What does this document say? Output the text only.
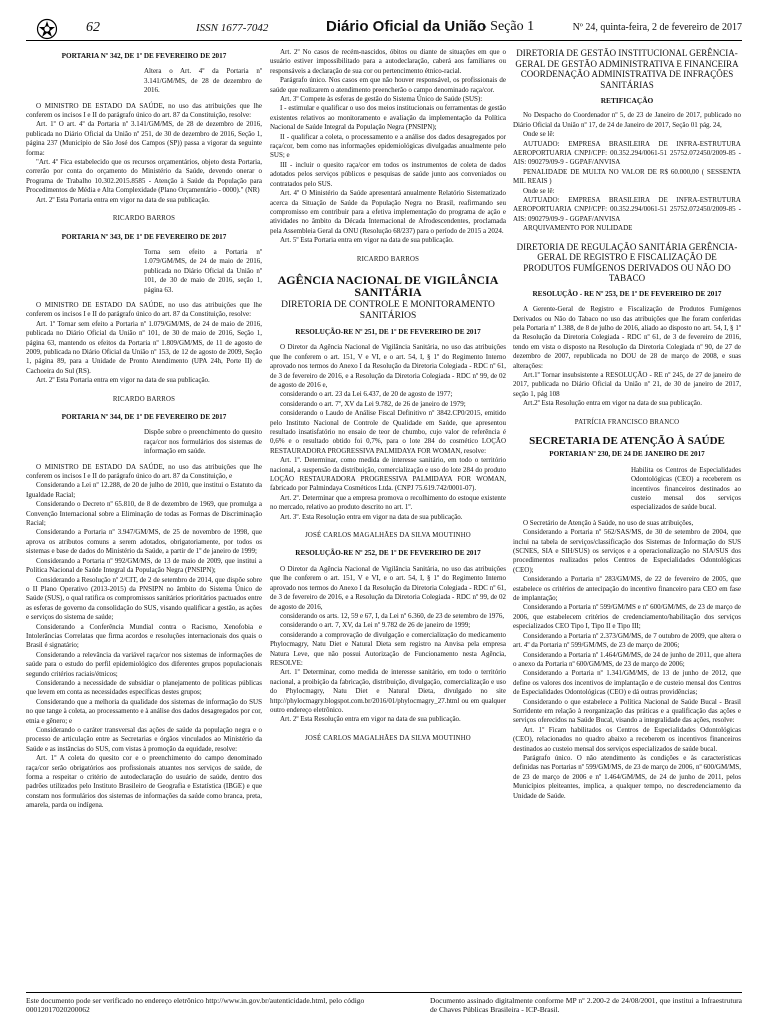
62	ISSN 1677-7042	Diário Oficial da União
- Seção 1	Nº 24, quinta-feira, 2 de fevereiro de 2017

PORTARIA Nº 342, DE 1º DE FEVEREIRO DE 2017

Altera o Art. 4º da Portaria nº 3.141/GM/MS, de 28 de dezembro de 2016.

O MINISTRO DE ESTADO DA SAÚDE, no uso das atribuições que lhe conferem os incisos I e II do parágrafo único do art. 87 da Constituição, resolve:

Art. 1º O art. 4º da Portaria nº 3.141/GM/MS, de 28 de dezembro de 2016, publicada no Diário Oficial da União nº 251, de 30 de dezembro de 2016, Seção 1, página 237 (Município de São José dos Campos (SP)) passa a vigorar da seguinte forma:

"Art. 4º Fica estabelecido que os recursos orçamentários, objeto desta Portaria, correrão por conta do orçamento do Ministério da Saúde, devendo onerar o Programa de Trabalho 10.302.2015.8585 - Atenção à Saúde da População para Procedimentos de Média e Alta Complexidade (Plano Orçamentário - 0000)." (NR)

Art. 2º Esta Portaria entra em vigor na data de sua publicação.

RICARDO BARROS

PORTARIA Nº 343, DE 1º DE FEVEREIRO DE 2017

Torna sem efeito a Portaria nº 1.079/GM/MS, de 24 de maio de 2016, publicada no Diário Oficial da União nº 101, de 30 de maio de 2016, seção 1, página 63.

O MINISTRO DE ESTADO DA SAÚDE, no uso das atribuições que lhe conferem os incisos I e II do parágrafo único do art. 87 da Constituição, resolve:

Art. 1º Tornar sem efeito a Portaria nº 1.079/GM/MS, de 24 de maio de 2016, publicada no Diário Oficial da União nº 101, de 30 de maio de 2016, Seção 1, página 63, mantendo os efeitos da Portaria nº 1.809/GM/MS, de 11 de agosto de 2009, publicada no Diário Oficial da União nº 153, de 12 de agosto de 2009, Seção 1, página 89, para a Unidade de Pronto Atendimento (UPA 24h, Porte II) de Cachoeira do Sul (RS).

Art. 2º Esta Portaria entra em vigor na data de sua publicação.

RICARDO BARROS

PORTARIA Nº 344, DE 1º DE FEVEREIRO DE 2017

Dispõe sobre o preenchimento do quesito raça/cor nos formulários dos sistemas de informação em saúde.

O MINISTRO DE ESTADO DA SAÚDE, no uso das atribuições que lhe conferem os incisos I e II do parágrafo único do art. 87 da Constituição, e

Considerando a Lei nº 12.288, de 20 de julho de 2010, que institui o Estatuto da Igualdade Racial;

Considerando o Decreto nº 65.810, de 8 de dezembro de 1969, que promulga a Convenção Internacional sobre a Eliminação de todas as Formas de Discriminação Racial;

Considerando a Portaria nº 3.947/GM/MS, de 25 de novembro de 1998, que aprova os atributos comuns a serem adotados, obrigatoriamente, por todos os sistemas e base de dados do Ministério da Saúde, a partir de 1º de janeiro de 1999;

Considerando a Portaria nº 992/GM/MS, de 13 de maio de 2009, que institui a Política Nacional de Saúde Integral da População Negra (PNSIPN);

Considerando a Resolução nº 2/CIT, de 2 de setembro de 2014, que dispõe sobre o II Plano Operativo (2013-2015) da PNSIPN no âmbito do Sistema Único de Saúde (SUS), o qual ratifica os compromissos sanitários prioritários pactuados entre as esferas de governo da consolidação do SUS, visando qualificar a gestão, as ações e serviços do sistema de saúde;

Considerando a Conferência Mundial contra o Racismo, Xenofobia e Intolerâncias Correlatas que firma acordos e resoluções internacionais dos quais o Brasil é signatário;

Considerando a relevância da variável raça/cor nos sistemas de informações de saúde para o estudo do perfil epidemiológico dos diferentes grupos populacionais segundo critérios raciais/étnicos;

Considerando a necessidade de subsidiar o planejamento de políticas públicas que levem em conta as necessidades específicas destes grupos;

Considerando que a melhoria da qualidade dos sistemas de informação do SUS no que tange à coleta, ao processamento e à análise dos dados desagregados por cor, etnia e gênero; e

Considerando o caráter transversal das ações de saúde da população negra e o processo de articulação entre as Secretarias e órgãos vinculados ao Ministério da Saúde e as instâncias do SUS, com vistas à promoção da equidade, resolve:

Art. 1º A coleta do quesito cor e o preenchimento do campo denominado raça/cor serão obrigatórios aos profissionais atuantes nos serviços de saúde, de forma a respeitar o critério de autodeclaração do usuário de saúde, dentro dos padrões utilizados pelo Instituto Brasileiro de Geografia e Estatística (IBGE) e que constam nos formulários dos sistemas de informações da saúde como branca, preta, amarela, parda ou indígena.

Art. 2º No casos de recém-nascidos, óbitos ou diante de situações em que o usuário estiver impossibilitado para a autodeclaração, caberá aos familiares ou responsáveis a declaração de sua cor ou pertencimento étnico-racial.

Parágrafo único. Nos casos em que não houver responsável, os profissionais de saúde que realizarem o atendimento preencherão o campo denominado raça/cor.

Art. 3º Compete às esferas de gestão do Sistema Único de Saúde (SUS):

I - estimular e qualificar o uso dos meios institucionais ou ferramentas de gestão existentes relativos ao monitoramento e avaliação da implementação da Política Nacional de Saúde Integral da População Negra (PNSIPN);

II - qualificar a coleta, o processamento e a análise dos dados desagregados por raça/cor, bem como nas informações epidemiológicas divulgadas anualmente pelo SUS; e

III - incluir o quesito raça/cor em todos os instrumentos de coleta de dados adotados pelos serviços públicos e pesquisas de saúde junto aos conveniados ou contratados pelo SUS.

Art. 4º O Ministério da Saúde apresentará anualmente Relatório Sistematizado acerca da Situação de Saúde da População Negra no Brasil, reafirmando seu compromisso em contribuir para a efetiva implementação do programa de ação e atividades no âmbito da Década Internacional de Afrodescendentes, proclamada pela Assembleia Geral da ONU (Resolução 68/237) para o período de 2015 a 2024.

Art. 5º Esta Portaria entra em vigor na data de sua publicação.

RICARDO BARROS

AGÊNCIA NACIONAL DE VIGILÂNCIA SANITÁRIA
DIRETORIA DE CONTROLE E MONITORAMENTO SANITÁRIOS

RESOLUÇÃO-RE Nº 251, DE 1º DE FEVEREIRO DE 2017

O Diretor da Agência Nacional de Vigilância Sanitária, no uso das atribuições que lhe conferem o art. 151, V e VI, e o art. 54, I, § 1º do Regimento Interno aprovado nos termos do Anexo I da Resolução da Diretoria Colegiada - RDC nº 61, de 3 de fevereiro de 2016, e a Resolução da Diretoria Colegiada - RDC nº 99, de 02 de agosto de 2016 e,

considerando o art. 23 da Lei 6.437, de 20 de agosto de 1977;

considerando o art. 7º, XV da Lei 9.782, de 26 de janeiro de 1979;

considerando o Laudo de Análise Fiscal Definitivo nº 3842.CP0/2015, emitido pelo Instituto Nacional de Controle de Qualidade em Saúde, que apresentou resultado insatisfatório no ensaio de teor de chumbo, cujo valor de referência é 0,6% e o resultado obtido foi 0,7%, para o lote 284 do cosmético LOÇÃO RESTAURADORA PROGRESSIVA PALMIDAYA FOR WOMAN, resolve:

Art. 1º. Determinar, como medida de interesse sanitário, em todo o território nacional, a suspensão da distribuição, comercialização e uso do lote 284 do produto LOÇÃO RESTAURADORA PROGRESSIVA PALMIDAYA FOR WOMAN, fabricado por Palmindaya Cosméticos Ltda. (CNPJ 75.619.742/0001-07).

Art. 2º. Determinar que a empresa promova o recolhimento do estoque existente no mercado, relativo ao produto descrito no art. 1º.

Art. 3º. Esta Resolução entra em vigor na data de sua publicação.

JOSÉ CARLOS MAGALHÃES DA SILVA MOUTINHO

RESOLUÇÃO-RE Nº 252, DE 1º DE FEVEREIRO DE 2017

O Diretor da Agência Nacional de Vigilância Sanitária, no uso das atribuições que lhe conferem o art. 151, V e VI, e o art. 54, I, § 1º do Regimento Interno aprovado nos termos do Anexo I da Resolução da Diretoria Colegiada - RDC nº 61, de 3 de fevereiro de 2016, e a Resolução da Diretoria Colegiada - RDC nº 99, de 02 de agosto de 2016,

considerando os arts. 12, 59 e 67, I, da Lei nº 6.360, de 23 de setembro de 1976,

considerando o art. 7, XV, da Lei nº 9.782 de 26 de janeiro de 1999;

considerando a comprovação de divulgação e comercialização do medicamento Phylocmagry, Natu Diet e Natural Dieta sem registro na Anvisa pela empresa Natura Leve, que não possui Autorização de Funcionamento nesta Agência, RESOLVE:

Art. 1º Determinar, como medida de interesse sanitário, em todo o território nacional, a proibição da fabricação, distribuição, divulgação, comercialização e uso do Phylocmagry, Natu Diet e Natural Dieta, divulgado no site http://phylocmagry.blogspot.com.br/2016/01/phylocmagry_27.html ou em qualquer outro endereço eletrônico.

Art. 2º Esta Resolução entra em vigor na data de sua publicação.

JOSÉ CARLOS MAGALHÃES DA SILVA MOUTINHO

DIRETORIA DE GESTÃO INSTITUCIONAL GERÊNCIA-GERAL DE GESTÃO ADMINISTRATIVA E FINANCEIRA COORDENAÇÃO ADMINISTRATIVA DE INFRAÇÕES SANITÁRIAS
RETIFICAÇÃO

No Despacho do Coordenador nº 5, de 23 de Janeiro de 2017, publicado no Diário Oficial da União nº 17, de 24 de Janeiro de 2017, Seção 01 pág. 24,

Onde se lê:

AUTUADO: EMPRESA BRASILEIRA DE INFRA-ESTRUTURA AEROPORTUARIA CNPJ/CPF: 00.352.294/0061-51 25752.072450/2009-85 - AIS: 090279/09-9 - GGPAF/ANVISA

PENALIDADE DE MULTA NO VALOR DE R$ 60.000,00 ( SESSENTA MIL REAIS )

Onde se lê:

AUTUADO: EMPRESA BRASILEIRA DE INFRA-ESTRUTURA AEROPORTUARIA CNPJ/CPF: 00.352.294/0061-51 25752.072450/2009-85 - AIS: 090279/09-9 - GGPAF/ANVISA

ARQUIVAMENTO POR NULIDADE

DIRETORIA DE REGULAÇÃO SANITÁRIA GERÊNCIA-GERAL DE REGISTRO E FISCALIZAÇÃO DE PRODUTOS FUMÍGENOS DERIVADOS OU NÃO DO TABACO

RESOLUÇÃO - RE Nº 253, DE 1º DE FEVEREIRO DE 2017

A Gerente-Geral de Registro e Fiscalização de Produtos Fumígenos Derivados ou Não do Tabaco no uso das atribuições que lhe foram conferidas pela Portaria nº 1.388, de 8 de julho de 2016, aliado ao disposto no art. 54, I, § 1º da Resolução da Diretoria Colegiada - RDC nº 61, de 3 de fevereiro de 2016, tendo em vista o disposto na Resolução da Diretoria Colegiada nº 90, de 27 de dezembro de 2007, republicada no DOU de 28 de março de 2008, e suas alterações:

Art.1º Tornar insubsistente a RESOLUÇÃO - RE nº 245, de 27 de janeiro de 2017, publicada no Diário Oficial da União nº 21, de 30 de janeiro de 2017, seção 1, pág 108

Art.2º Esta Resolução entra em vigor na data de sua publicação.

PATRÍCIA FRANCISCO BRANCO

SECRETARIA DE ATENÇÃO À SAÚDE

PORTARIA Nº 230, DE 24 DE JANEIRO DE 2017

Habilita os Centros de Especialidades Odontológicas (CEO) a receberem os incentivos financeiros destinados ao custeio mensal dos serviços especializados de saúde bucal.

O Secretário de Atenção à Saúde, no uso de suas atribuições,

Considerando a Portaria nº 562/SAS/MS, de 30 de setembro de 2004, que inclui na tabela de serviços/classificação dos Sistemas de Informação do SUS (SCNES, SIA e SIH/SUS) os serviços e a operacionalização no SIA/SUS dos procedimentos realizados pelos Centros de Especialidades Odontológicas (CEO);

Considerando a Portaria nº 283/GM/MS, de 22 de fevereiro de 2005, que estabelece os critérios de antecipação do incentivo financeiro para CEO em fase de implantação;

Considerando a Portaria nº 599/GM/MS e nº 600/GM/MS, de 23 de março de 2006, que estabelecem critérios de credenciamento/habilitação dos serviços especializados CEO Tipo I, Tipo II e Tipo III;

Considerando a Portaria nº 2.373/GM/MS, de 7 outubro de 2009, que altera o art. 4º da Portaria nº 599/GM/MS, de 23 de março de 2006;

Considerando a Portaria nº 1.464/GM/MS, de 24 de junho de 2011, que altera o anexo da Portaria nº 600/GM/MS, de 23 de março de 2006;

Considerando a Portaria nº 1.341/GM/MS, de 13 de junho de 2012, que define os valores dos incentivos de implantação e de custeio mensal dos Centros de Especialidades Odontológicas (CEO) e dá outras providências;

Considerando o que estabelece a Política Nacional de Saúde Bucal - Brasil Sorridente em relação à reorganização das práticas e a qualificação das ações e serviços oferecidos na Saúde Bucal, visando a integralidade das ações, resolve:

Art. 1º Ficam habilitados os Centros de Especialidades Odontológicas (CEO), relacionados no quadro abaixo a receberem os incentivos financeiros destinados ao custeio mensal dos serviços especializados de saúde bucal.

Parágrafo único. O não atendimento às condições e às características definidas nas Portarias nº 599/GM/MS, de 23 de março de 2006, nº 600/GM/MS, de 23 de março de 2006 e nº 1.464/GM/MS, de 24 de junho de 2011, pelos Municípios pleiteantes, implica, a qualquer tempo, no descredenciamento da Unidade de Saúde.

Este documento pode ser verificado no endereço eletrônico http://www.in.gov.br/autenticidade.html, pelo código 00012017020200062
Documento assinado digitalmente conforme MP nº 2.200-2 de 24/08/2001, que institui a Infraestrutura de Chaves Públicas Brasileira - ICP-Brasil.
